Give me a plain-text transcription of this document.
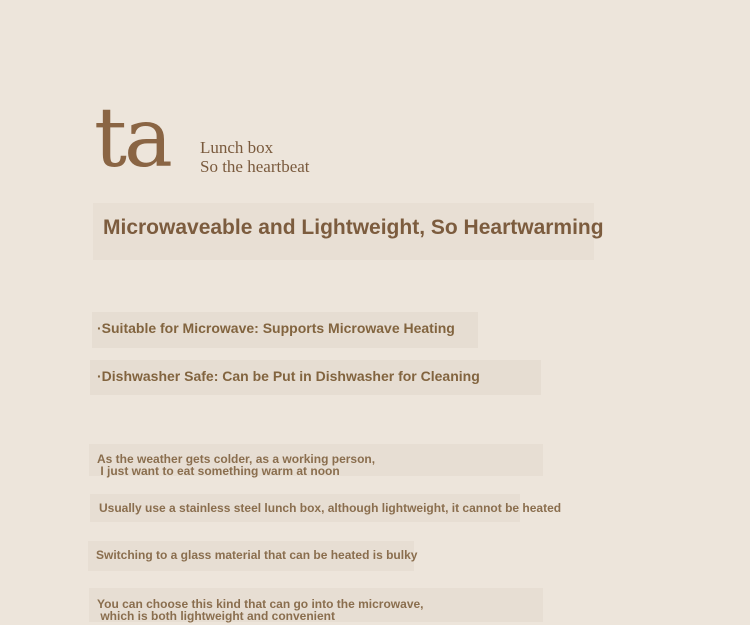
ta Lunch box
So the heartbeat
Microwaveable and Lightweight, So Heartwarming
·Suitable for Microwave: Supports Microwave Heating
·Dishwasher Safe: Can be Put in Dishwasher for Cleaning
As the weather gets colder, as a working person,
I just want to eat something warm at noon
Usually use a stainless steel lunch box, although lightweight, it cannot be heated
Switching to a glass material that can be heated is bulky
You can choose this kind that can go into the microwave,
which is both lightweight and convenient
